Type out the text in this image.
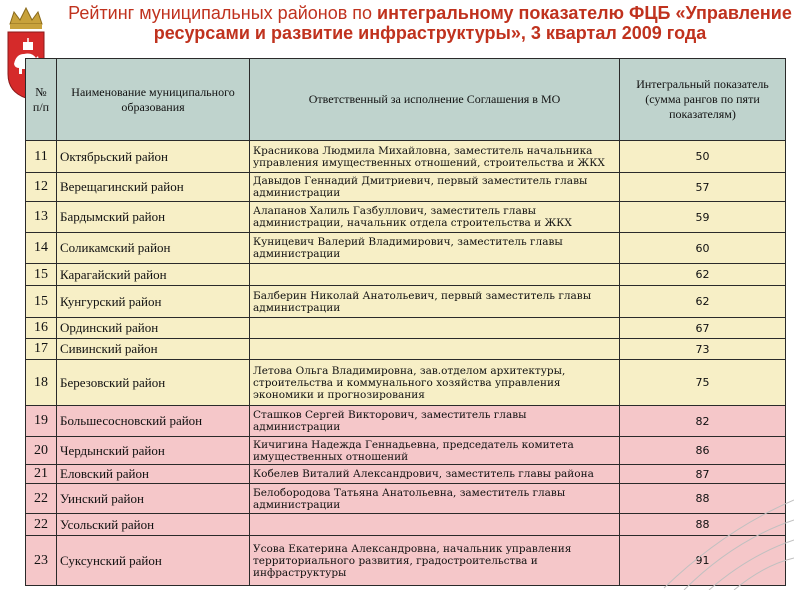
Рейтинг муниципальных районов по интегральному показателю ФЦБ «Управление ресурсами и развитие инфраструктуры», 3 квартал 2009 года
№ п/п	Наименование муниципального образования	Ответственный за исполнение Соглашения в МО	Интегральный показатель (сумма рангов по пяти показателям)
11	Октябрьский район	Красникова Людмила Михайловна, заместитель начальника управления имущественных отношений, строительства и ЖКХ	50
12	Верещагинский район	Давыдов Геннадий Дмитриевич, первый заместитель главы администрации	57
13	Бардымский район	Алапанов Халиль Газбуллович, заместитель главы администрации, начальник отдела строительства и ЖКХ	59
14	Соликамский район	Куницевич Валерий Владимирович, заместитель главы администрации	60
15	Карагайский район		62
15	Кунгурский район	Балберин Николай Анатольевич, первый заместитель главы администрации	62
16	Ординский район		67
17	Сивинский район		73
18	Березовский район	Летова Ольга Владимировна, зав.отделом архитектуры, строительства и коммунального хозяйства управления экономики и прогнозирования	75
19	Большесосновский район	Сташков Сергей Викторович, заместитель главы администрации	82
20	Чердынский район	Кичигина Надежда Геннадьевна, председатель комитета имущественных отношений	86
21	Еловский район	Кобелев Виталий Александрович, заместитель главы района	87
22	Уинский район	Белобородова Татьяна Анатольевна, заместитель главы администрации	88
22	Усольский район		88
23	Суксунский район	Усова Екатерина Александровна, начальник управления территориального развития, градостроительства и инфраструктуры	91
